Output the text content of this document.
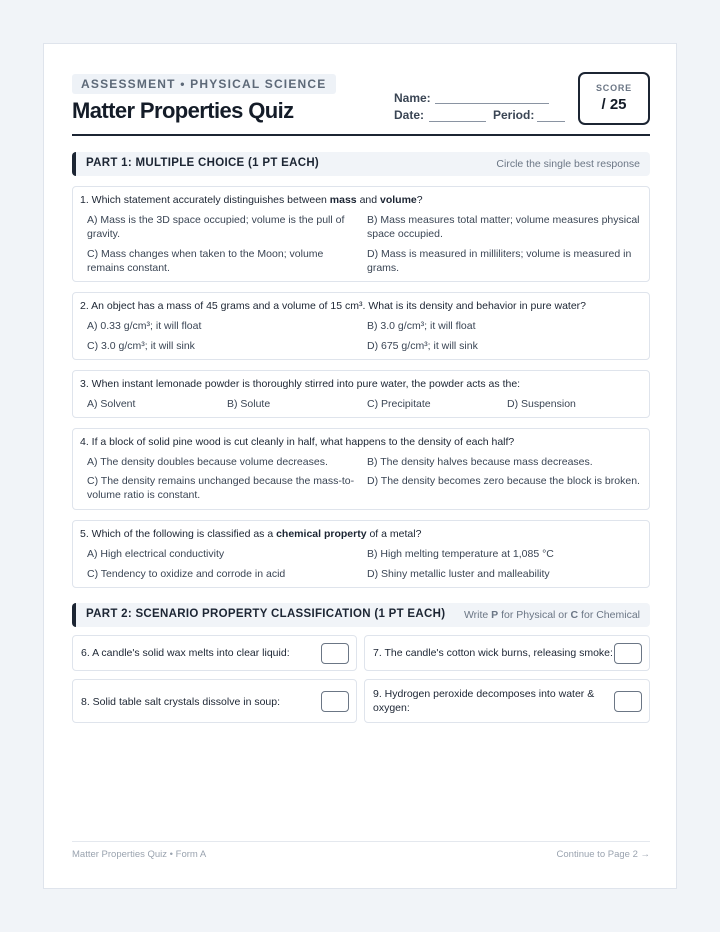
ASSESSMENT • PHYSICAL SCIENCE
Matter Properties Quiz	Name:
Date:	Period:
SCORE
/ 25
PART 1: MULTIPLE CHOICE (1 PT EACH)	Circle the single best response
1. Which statement accurately distinguishes between mass and volume?
A) Mass is the 3D space occupied; volume is the pull of gravity.
B) Mass measures total matter; volume measures physical space occupied.
C) Mass changes when taken to the Moon; volume remains constant.
D) Mass is measured in milliliters; volume is measured in grams.
2. An object has a mass of 45 grams and a volume of 15 cm³. What is its density and behavior in pure water?
A) 0.33 g/cm³; it will float	B) 3.0 g/cm³; it will float
C) 3.0 g/cm³; it will sink	D) 675 g/cm³; it will sink
3. When instant lemonade powder is thoroughly stirred into pure water, the powder acts as the:
A) Solvent	B) Solute	C) Precipitate	D) Suspension
4. If a block of solid pine wood is cut cleanly in half, what happens to the density of each half?
A) The density doubles because volume decreases.	B) The density halves because mass decreases.
C) The density remains unchanged because the mass-to-volume ratio is constant.
D) The density becomes zero because the block is broken.
5. Which of the following is classified as a chemical property of a metal?
A) High electrical conductivity	B) High melting temperature at 1,085 °C
C) Tendency to oxidize and corrode in acid	D) Shiny metallic luster and malleability
PART 2: SCENARIO PROPERTY CLASSIFICATION (1 PT EACH) Write P for Physical or C for Chemical
6. A candle's solid wax melts into clear liquid:	7. The candle's cotton wick burns, releasing smoke:
8. Solid table salt crystals dissolve in soup:
9. Hydrogen peroxide decomposes into water & oxygen:
Matter Properties Quiz • Form A	Continue to Page 2 →
